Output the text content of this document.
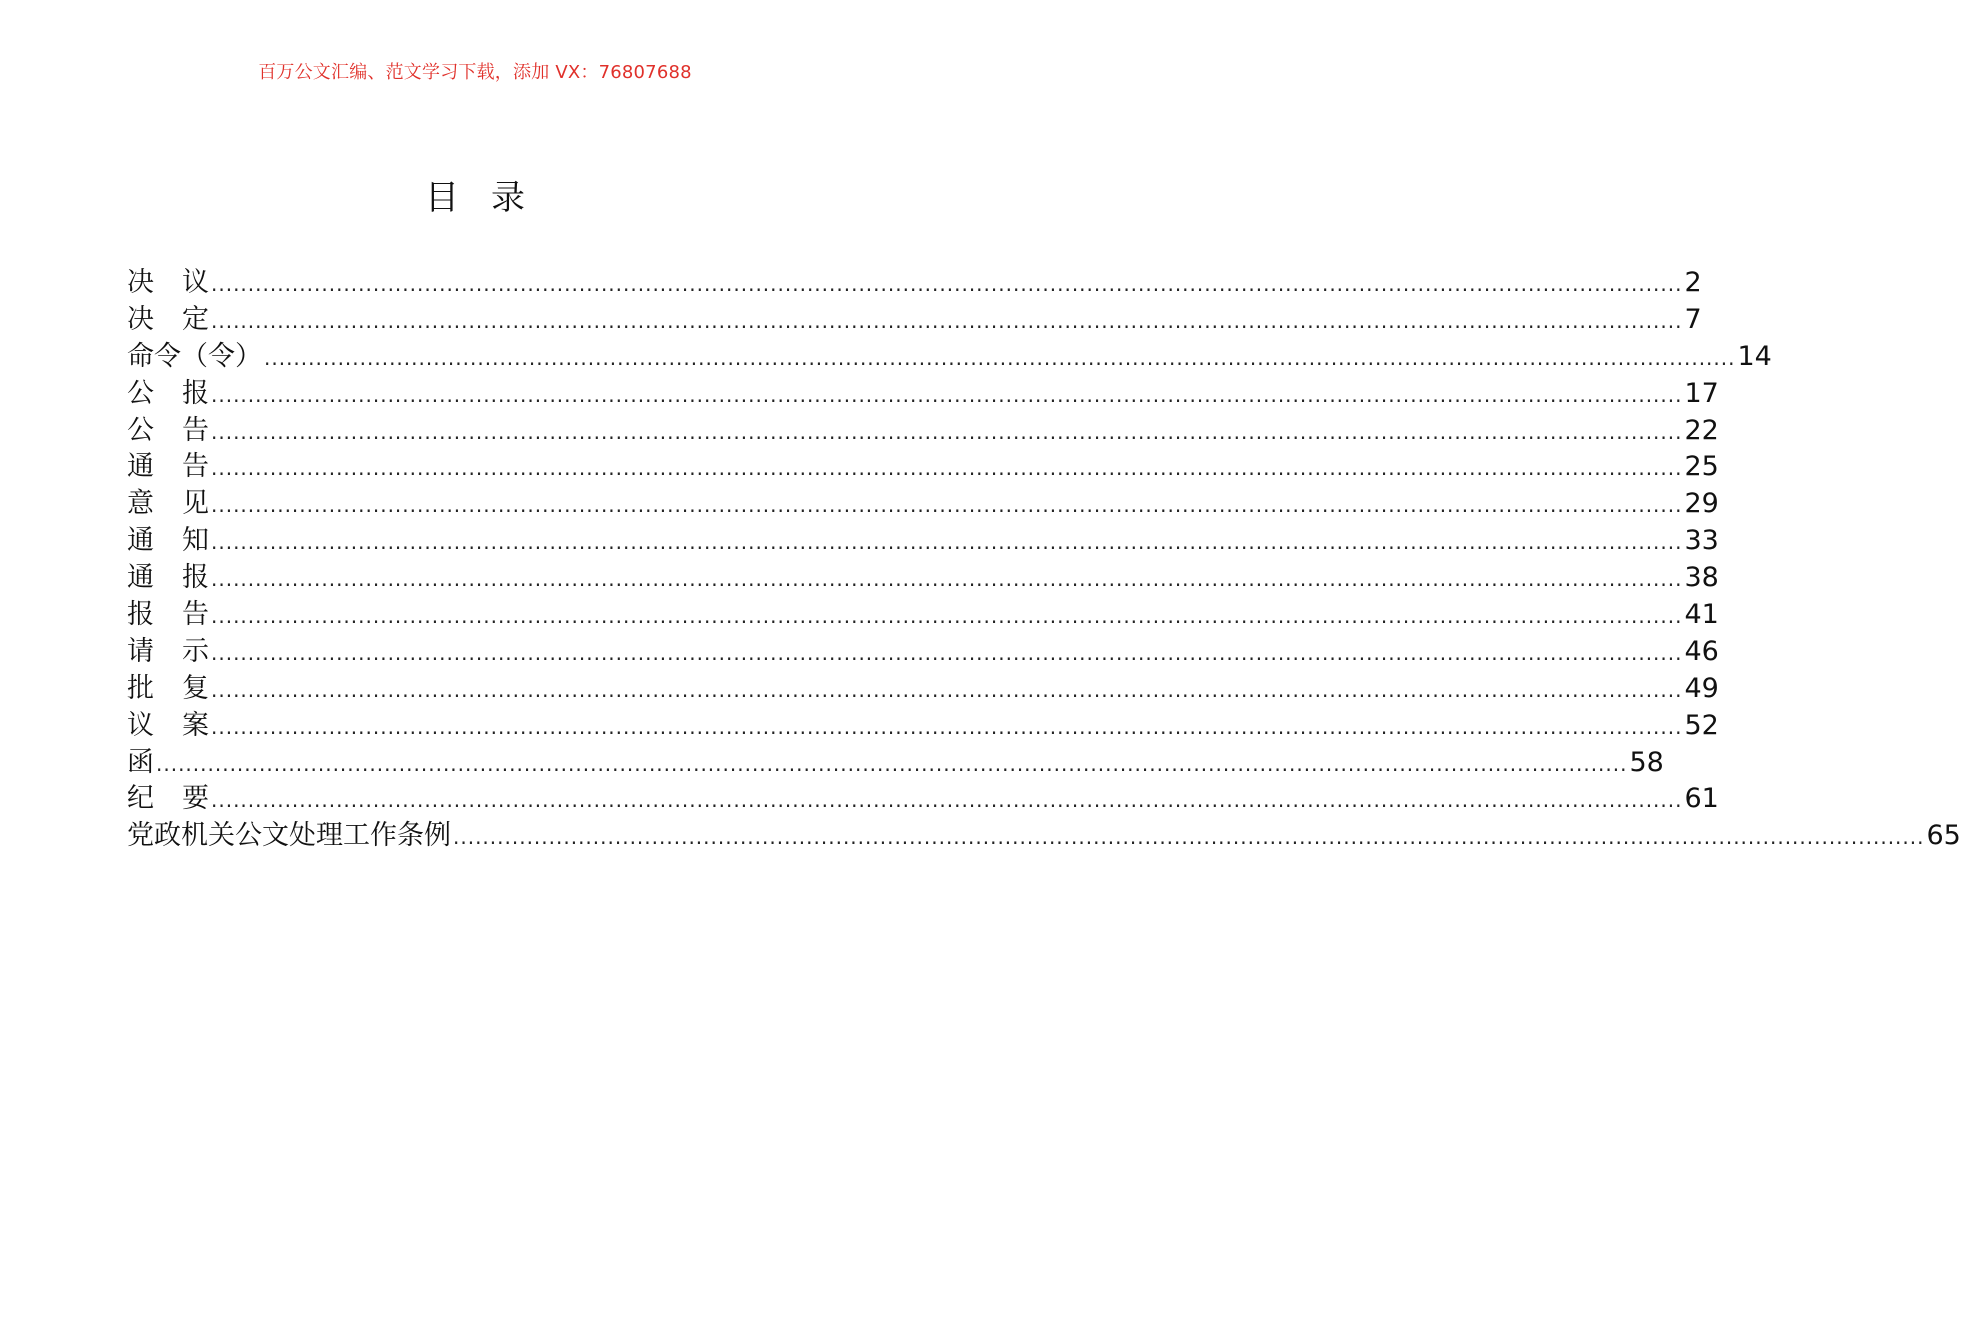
百万公文汇编、范文学习下载，添加 VX：76807688
目录
决议 ........................................................................................................................................................................................................ 2
决定 ........................................................................................................................................................................................................ 7
命令（令） ........................................................................................................................................................................................................ 14
公报 ........................................................................................................................................................................................................ 17
公告 ........................................................................................................................................................................................................ 22
通告 ........................................................................................................................................................................................................ 25
意见 ........................................................................................................................................................................................................ 29
通知 ........................................................................................................................................................................................................ 33
通报 ........................................................................................................................................................................................................ 38
报告 ........................................................................................................................................................................................................ 41
请示 ........................................................................................................................................................................................................ 46
批复 ........................................................................................................................................................................................................ 49
议案 ........................................................................................................................................................................................................ 52
函 ........................................................................................................................................................................................................ 58
纪要 ........................................................................................................................................................................................................ 61
党政机关公文处理工作条例 ........................................................................................................................................................................................................ 65
